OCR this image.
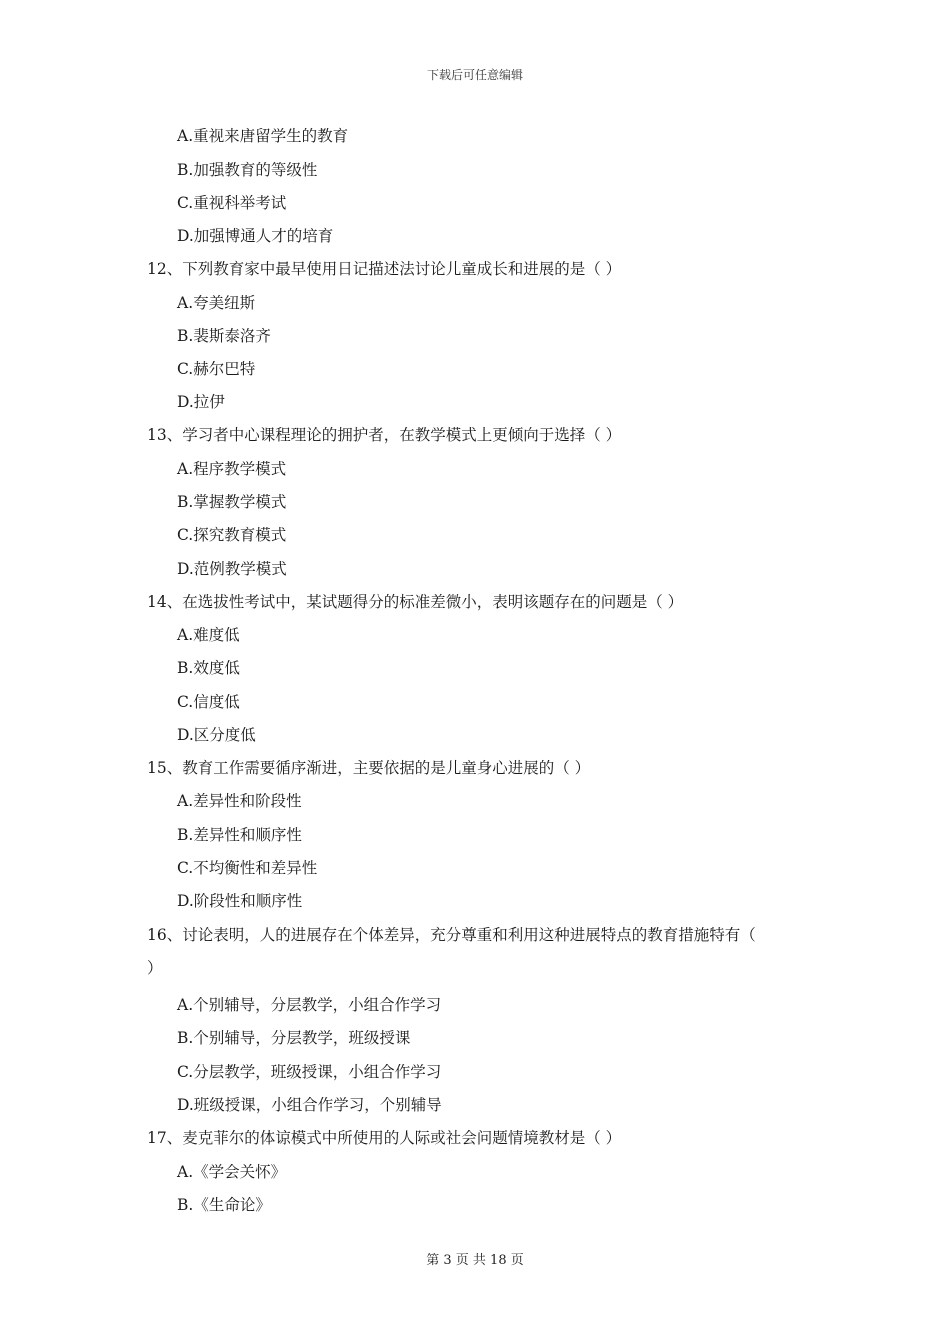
下载后可任意编辑
A.重视来唐留学生的教育
B.加强教育的等级性
C.重视科举考试
D.加强博通人才的培育
12、下列教育家中最早使用日记描述法讨论儿童成长和进展的是（ ）
A.夸美纽斯
B.裴斯泰洛齐
C.赫尔巴特
D.拉伊
13、学习者中心课程理论的拥护者，在教学模式上更倾向于选择（ ）
A.程序教学模式
B.掌握教学模式
C.探究教育模式
D.范例教学模式
14、在选拔性考试中，某试题得分的标准差微小，表明该题存在的问题是（ ）
A.难度低
B.效度低
C.信度低
D.区分度低
15、教育工作需要循序渐进，主要依据的是儿童身心进展的（ ）
A.差异性和阶段性
B.差异性和顺序性
C.不均衡性和差异性
D.阶段性和顺序性
16、讨论表明，人的进展存在个体差异，充分尊重和利用这种进展特点的教育措施特有（
）
A.个别辅导，分层教学，小组合作学习
B.个别辅导，分层教学，班级授课
C.分层教学，班级授课，小组合作学习
D.班级授课，小组合作学习，个别辅导
17、麦克菲尔的体谅模式中所使用的人际或社会问题情境教材是（ ）
A.《学会关怀》
B.《生命论》
第 3 页 共 18 页
